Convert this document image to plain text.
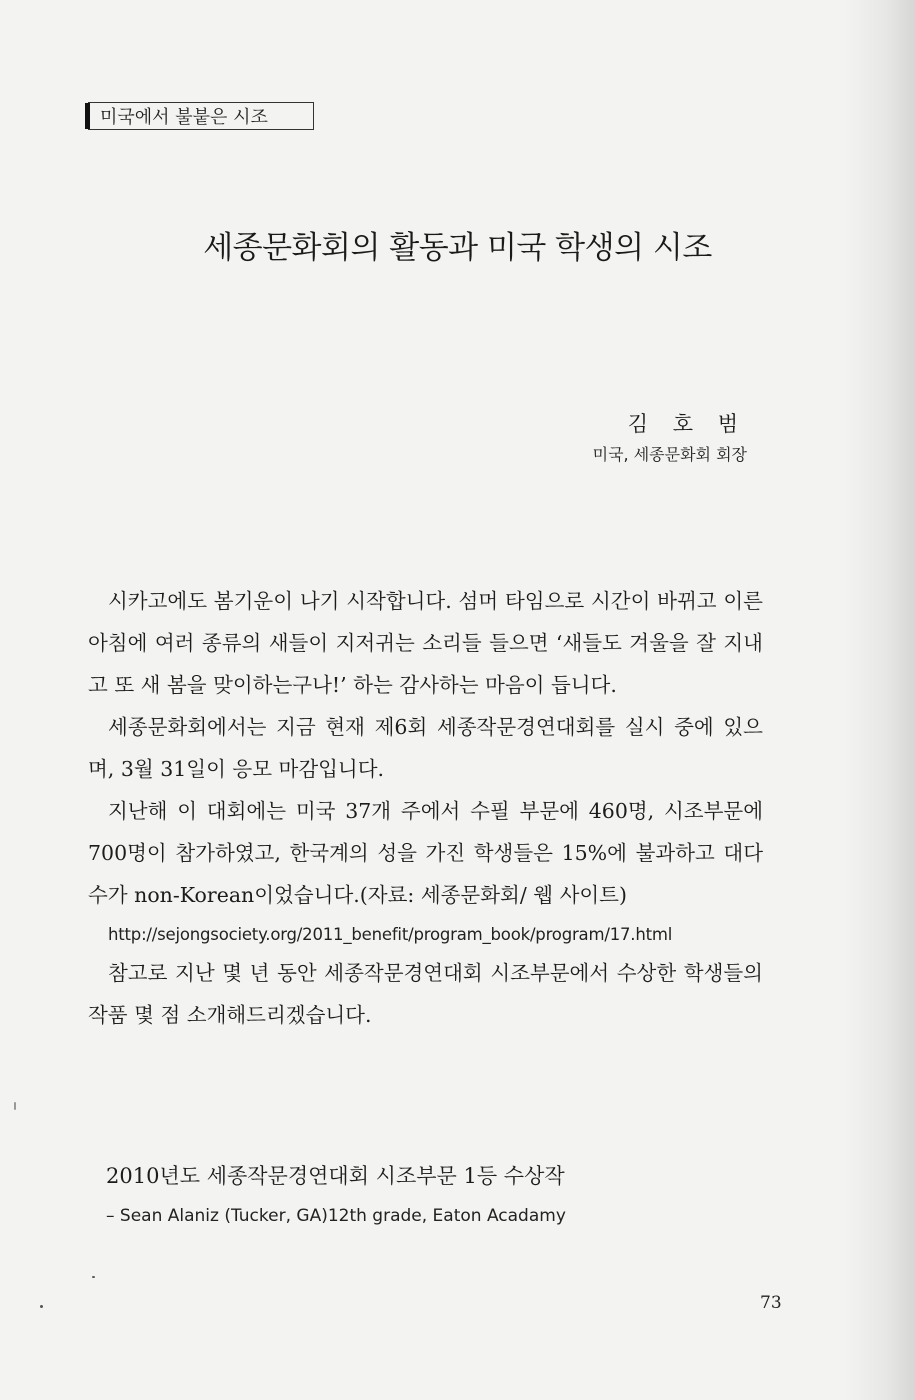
미국에서 불붙은 시조
세종문화회의 활동과 미국 학생의 시조
김 호 범
미국, 세종문화회 회장

시카고에도 봄기운이 나기 시작합니다. 섬머 타임으로 시간이 바뀌고 이른 아침에 여러 종류의 새들이 지저귀는 소리들 들으면 ‘새들도 겨울을 잘 지내고 또 새 봄을 맞이하는구나!’ 하는 감사하는 마음이 듭니다.

세종문화회에서는 지금 현재 제6회 세종작문경연대회를 실시 중에 있으며, 3월 31일이 응모 마감입니다.

지난해 이 대회에는 미국 37개 주에서 수필 부문에 460명, 시조부문에 700명이 참가하였고, 한국계의 성을 가진 학생들은 15%에 불과하고 대다수가 non-Korean이었습니다.(자료: 세종문화회/ 웹 사이트)

http://sejongsociety.org/2011_benefit/program_book/program/17.html

참고로 지난 몇 년 동안 세종작문경연대회 시조부문에서 수상한 학생들의 작품 몇 점 소개해드리겠습니다.

2010년도 세종작문경연대회 시조부문 1등 수상작
– Sean Alaniz (Tucker, GA)12th grade, Eaton Acadamy
73
